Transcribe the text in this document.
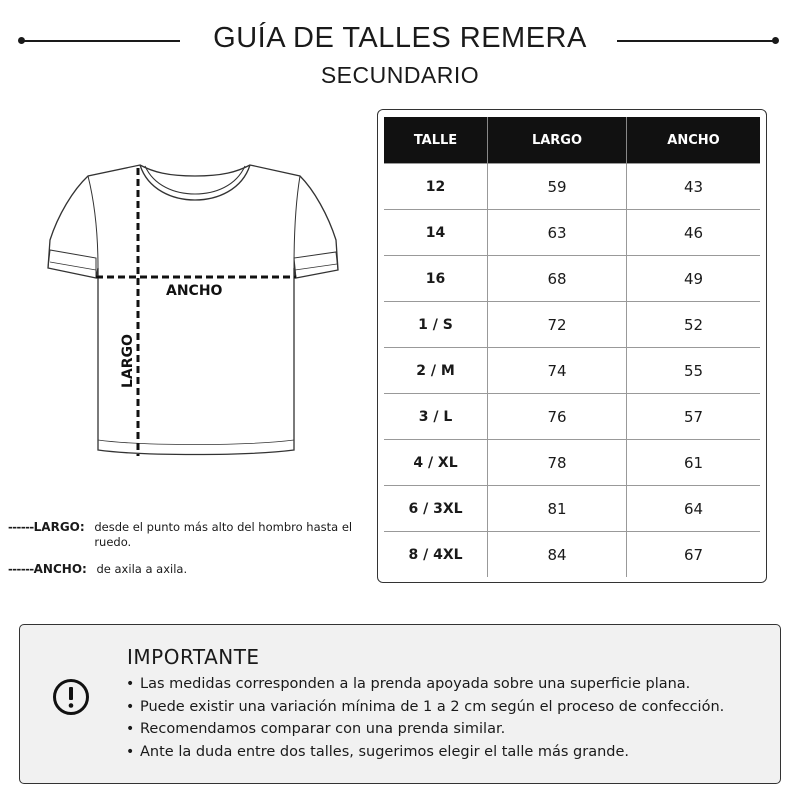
GUÍA DE TALLES REMERA
SECUNDARIO
ANCHO
LARGO
------LARGO: desde el punto más alto del hombro hasta el ruedo.
------ANCHO: de axila a axila.
TALLE	LARGO	ANCHO
12	59	43
14	63	46
16	68	49
1 / S	72	52
2 / M	74	55
3 / L	76	57
4 / XL	78	61
6 / 3XL	81	64
8 / 4XL	84	67
IMPORTANTE
• Las medidas corresponden a la prenda apoyada sobre una superficie plana.
• Puede existir una variación mínima de 1 a 2 cm según el proceso de confección.
• Recomendamos comparar con una prenda similar.
• Ante la duda entre dos talles, sugerimos elegir el talle más grande.
